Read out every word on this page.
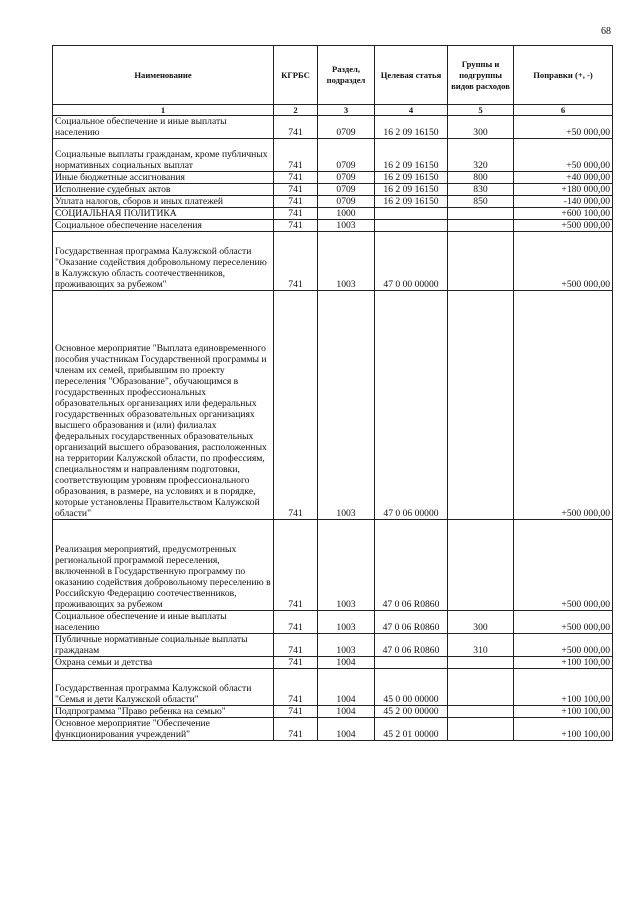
68
Наименование	КГРБС	Раздел, подраздел	Целевая статья	Группы и подгруппы видов расходов	Поправки (+, -)
1	2	3	4	5	6
Социальное обеспечение и иные выплаты населению	741	0709	16 2 09 16150	300	+50 000,00
Социальные выплаты гражданам, кроме публичных нормативных социальных выплат	741	0709	16 2 09 16150	320	+50 000,00
Иные бюджетные ассигнования	741	0709	16 2 09 16150	800	+40 000,00
Исполнение судебных актов	741	0709	16 2 09 16150	830	+180 000,00
Уплата налогов, сборов и иных платежей	741	0709	16 2 09 16150	850	-140 000,00
СОЦИАЛЬНАЯ ПОЛИТИКА	741	1000			+600 100,00
Социальное обеспечение населения	741	1003			+500 000,00
Государственная программа Калужской области "Оказание содействия добровольному переселению в Калужскую область соотечественников, проживающих за рубежом"	741	1003	47 0 00 00000		+500 000,00
Основное мероприятие "Выплата единовременного пособия участникам Государственной программы и членам их семей, прибывшим по проекту переселения "Образование", обучающимся в государственных профессиональных образовательных организациях или федеральных государственных образовательных организациях высшего образования и (или) филиалах федеральных государственных образовательных организаций высшего образования, расположенных на территории Калужской области, по профессиям, специальностям и направлениям подготовки, соответствующим уровням профессионального образования, в размере, на условиях и в порядке, которые установлены Правительством Калужской области"	741	1003	47 0 06 00000		+500 000,00
Реализация мероприятий, предусмотренных региональной программой переселения, включенной в Государственную программу по оказанию содействия добровольному переселению в Российскую Федерацию соотечественников, проживающих за рубежом	741	1003	47 0 06 R0860		+500 000,00
Социальное обеспечение и иные выплаты населению	741	1003	47 0 06 R0860	300	+500 000,00
Публичные нормативные социальные выплаты гражданам	741	1003	47 0 06 R0860	310	+500 000,00
Охрана семьи и детства	741	1004			+100 100,00
Государственная программа Калужской области "Семья и дети Калужской области"	741	1004	45 0 00 00000		+100 100,00
Подпрограмма "Право ребенка на семью"	741	1004	45 2 00 00000		+100 100,00
Основное мероприятие "Обеспечение функционирования учреждений"	741	1004	45 2 01 00000		+100 100,00
